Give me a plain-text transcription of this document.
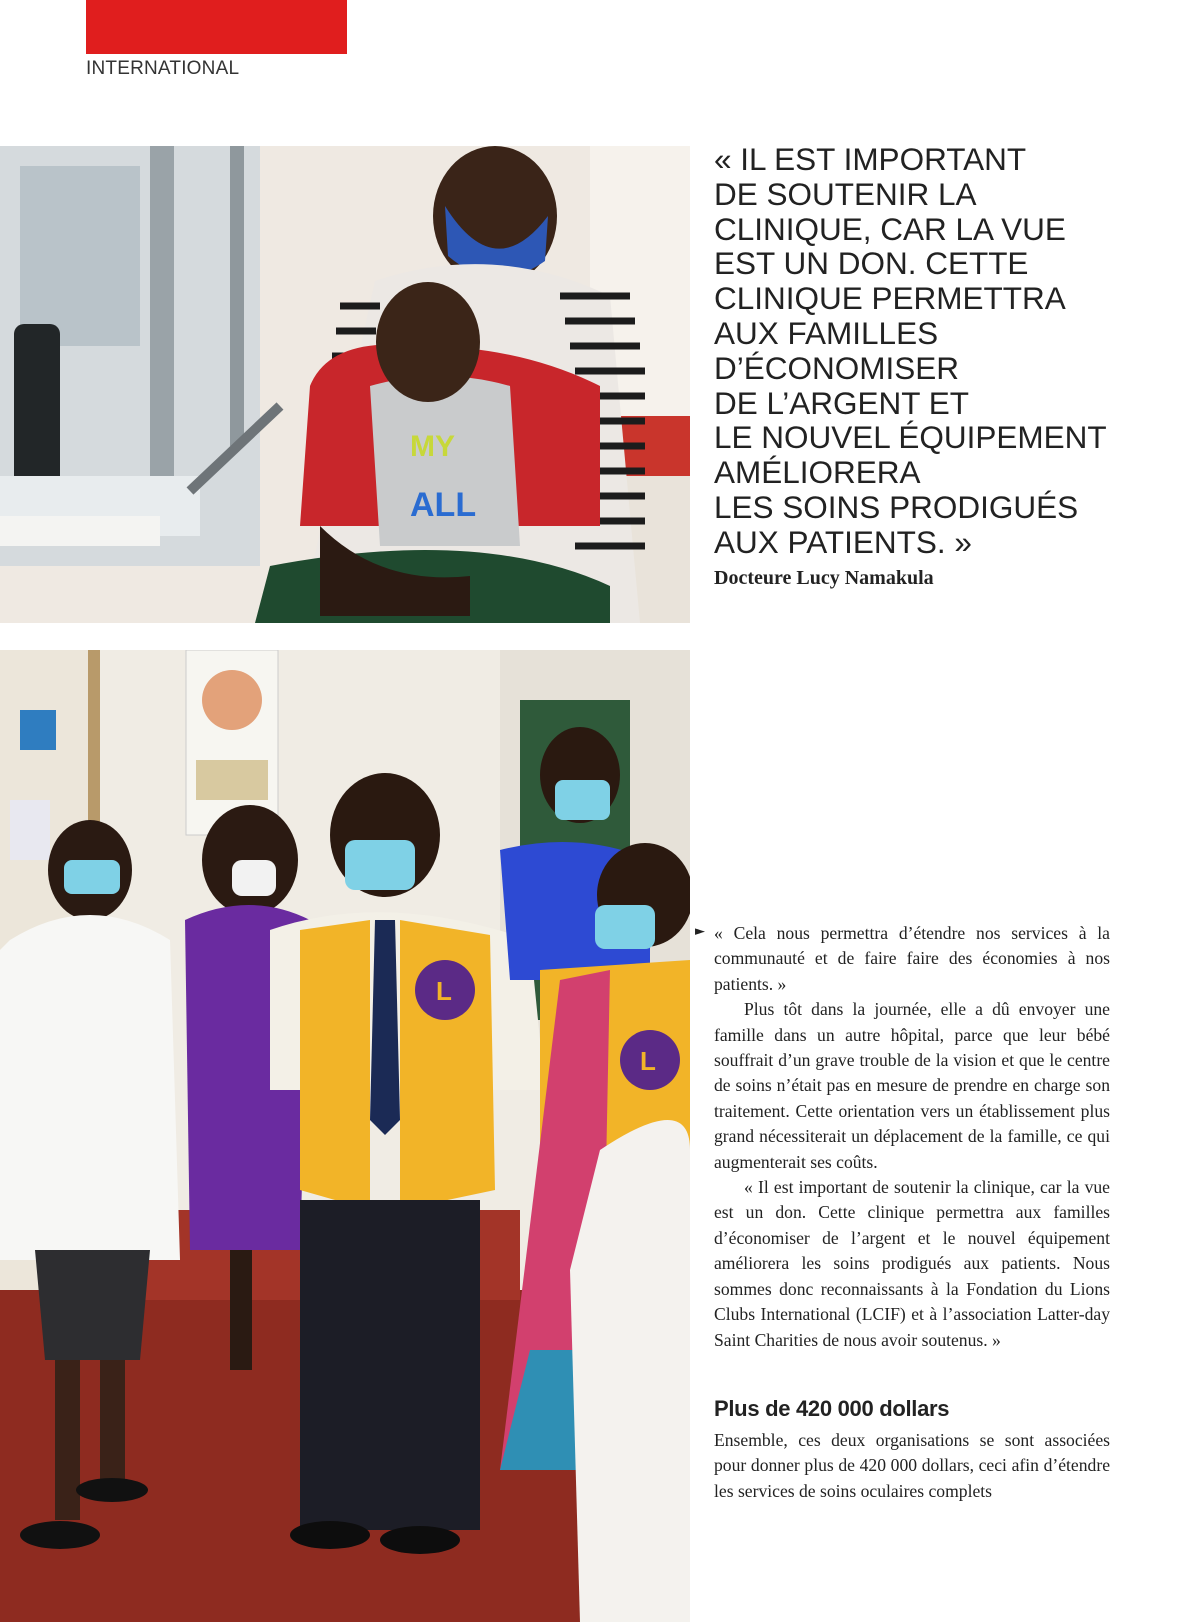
INTERNATIONAL
MY
ALL
« IL EST IMPORTANT
DE SOUTENIR LA
CLINIQUE, CAR LA VUE
EST UN DON. CETTE
CLINIQUE PERMETTRA
AUX FAMILLES
D’ÉCONOMISER
DE L’ARGENT ET
LE NOUVEL ÉQUIPEMENT
AMÉLIORERA
LES SOINS PRODIGUÉS
AUX PATIENTS. »
Docteure Lucy Namakula
L
L
► « Cela nous permettra d’étendre nos services à la communauté et de faire faire des économies à nos patients. »

Plus tôt dans la journée, elle a dû envoyer une famille dans un autre hôpital, parce que leur bébé souffrait d’un grave trouble de la vision et que le centre de soins n’était pas en mesure de prendre en charge son traitement. Cette orientation vers un établissement plus grand nécessiterait un déplacement de la famille, ce qui augmenterait ses coûts.

« Il est important de soutenir la clinique, car la vue est un don. Cette clinique permettra aux familles d’économiser de l’argent et le nouvel équipement améliorera les soins prodigués aux patients. Nous sommes donc reconnaissants à la Fondation du Lions Clubs International (LCIF) et à l’association Latter-day Saint Charities de nous avoir soutenus. »

Plus de 420 000 dollars

Ensemble, ces deux organisations se sont associées pour donner plus de 420 000 dollars, ceci afin d’étendre les services de soins oculaires complets
